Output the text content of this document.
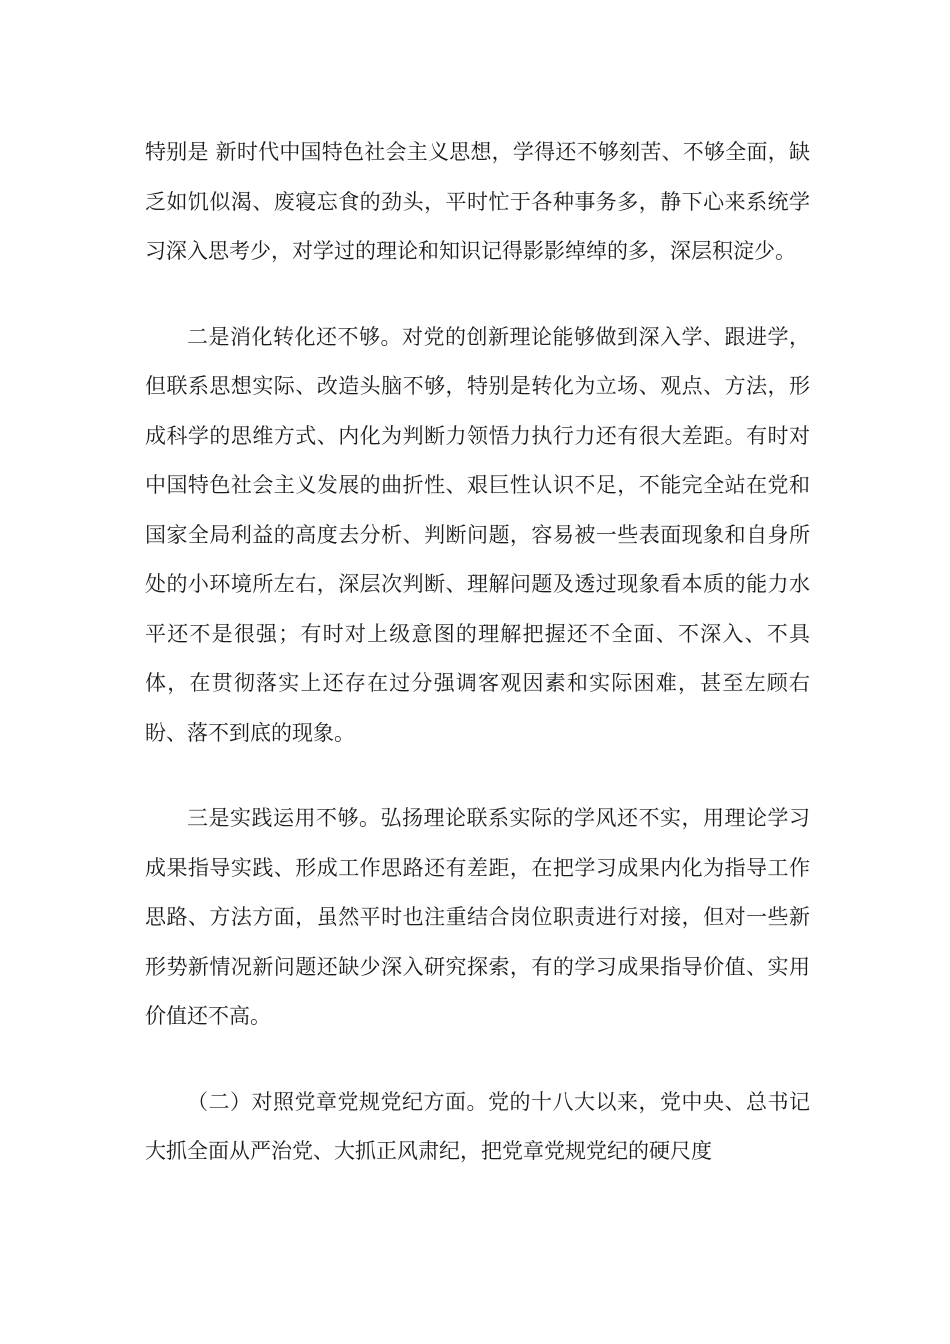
特别是 新时代中国特色社会主义思想，学得还不够刻苦、不够全面，缺乏如饥似渴、废寝忘食的劲头，平时忙于各种事务多，静下心来系统学习深入思考少，对学过的理论和知识记得影影绰绰的多，深层积淀少。

二是消化转化还不够。对党的创新理论能够做到深入学、跟进学，但联系思想实际、改造头脑不够，特别是转化为立场、观点、方法，形成科学的思维方式、内化为判断力领悟力执行力还有很大差距。有时对中国特色社会主义发展的曲折性、艰巨性认识不足，不能完全站在党和国家全局利益的高度去分析、判断问题，容易被一些表面现象和自身所处的小环境所左右，深层次判断、理解问题及透过现象看本质的能力水平还不是很强；有时对上级意图的理解把握还不全面、不深入、不具体，在贯彻落实上还存在过分强调客观因素和实际困难，甚至左顾右盼、落不到底的现象。

三是实践运用不够。弘扬理论联系实际的学风还不实，用理论学习成果指导实践、形成工作思路还有差距，在把学习成果内化为指导工作思路、方法方面，虽然平时也注重结合岗位职责进行对接，但对一些新形势新情况新问题还缺少深入研究探索，有的学习成果指导价值、实用价值还不高。

（二）对照党章党规党纪方面。党的十八大以来，党中央、总书记大抓全面从严治党、大抓正风肃纪，把党章党规党纪的硬尺度
